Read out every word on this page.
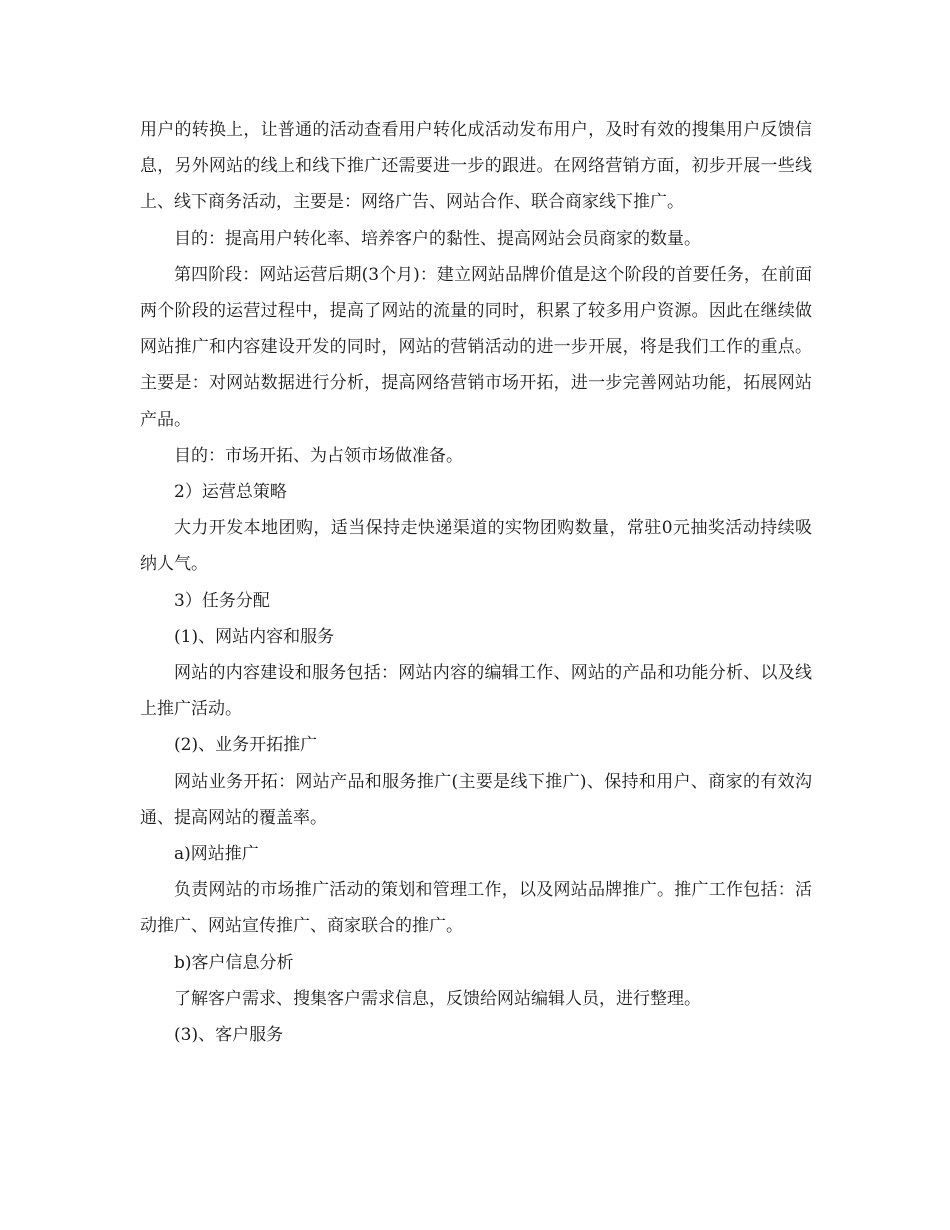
用户的转换上，让普通的活动查看用户转化成活动发布用户，及时有效的搜集用户反馈信息，另外网站的线上和线下推广还需要进一步的跟进。在网络营销方面，初步开展一些线上、线下商务活动，主要是：网络广告、网站合作、联合商家线下推广。

目的：提高用户转化率、培养客户的黏性、提高网站会员商家的数量。

第四阶段：网站运营后期(3个月)：建立网站品牌价值是这个阶段的首要任务，在前面两个阶段的运营过程中，提高了网站的流量的同时，积累了较多用户资源。因此在继续做网站推广和内容建设开发的同时，网站的营销活动的进一步开展，将是我们工作的重点。主要是：对网站数据进行分析，提高网络营销市场开拓，进一步完善网站功能，拓展网站产品。

目的：市场开拓、为占领市场做准备。

2）运营总策略

大力开发本地团购，适当保持走快递渠道的实物团购数量，常驻0元抽奖活动持续吸纳人气。

3）任务分配

(1)、网站内容和服务

网站的内容建设和服务包括：网站内容的编辑工作、网站的产品和功能分析、以及线上推广活动。

(2)、业务开拓推广

网站业务开拓：网站产品和服务推广(主要是线下推广)、保持和用户、商家的有效沟通、提高网站的覆盖率。

a)网站推广

负责网站的市场推广活动的策划和管理工作，以及网站品牌推广。推广工作包括：活动推广、网站宣传推广、商家联合的推广。

b)客户信息分析

了解客户需求、搜集客户需求信息，反馈给网站编辑人员，进行整理。

(3)、客户服务
